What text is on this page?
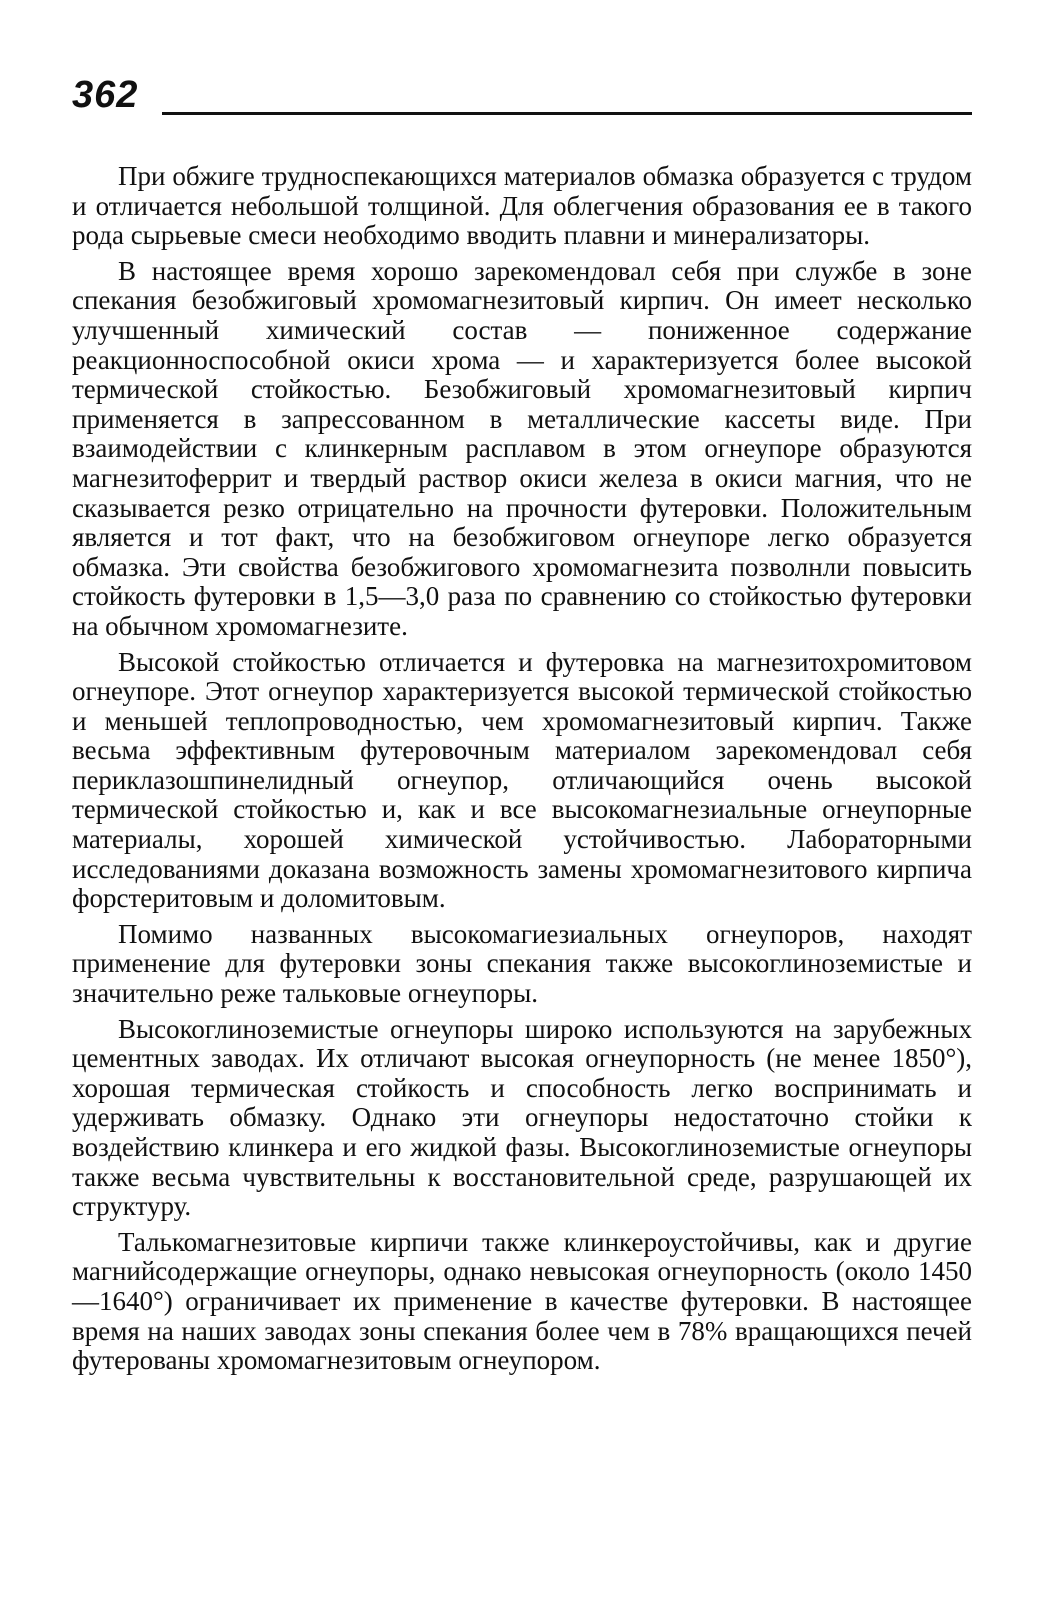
362

При обжиге трудноспекающихся материалов обмазка образуется с трудом и отличается небольшой толщиной. Для облегчения образования ее в такого рода сырьевые смеси необходимо вводить плавни и минерализаторы.

В настоящее время хорошо зарекомендовал себя при службе в зоне спекания безобжиговый хромомагнезитовый кирпич. Он имеет несколько улучшенный химический состав — пониженное содержание реакционноспособной окиси хрома — и характеризуется более высокой термической стойкостью. Безобжиговый хромомагнезитовый кирпич применяется в запрессованном в металлические кассеты виде. При взаимодействии с клинкерным расплавом в этом огнеупоре образуются магнезитоферрит и твердый раствор окиси железа в окиси магния, что не сказывается резко отрицательно на прочности футеровки. Положительным является и тот факт, что на безобжиговом огнеупоре легко образуется обмазка. Эти свойства безобжигового хромомагнезита позволнли повысить стойкость футеровки в 1,5—3,0 раза по сравнению со стойкостью футеровки на обычном хромомагнезите.

Высокой стойкостью отличается и футеровка на магнезитохромитовом огнеупоре. Этот огнеупор характеризуется высокой термической стойкостью и меньшей теплопроводностью, чем хромомагнезитовый кирпич. Также весьма эффективным футеровочным материалом зарекомендовал себя периклазошпинелидный огнеупор, отличающийся очень высокой термической стойкостью и, как и все высокомагнезиальные огнеупорные материалы, хорошей химической устойчивостью. Лабораторными исследованиями доказана возможность замены хромомагнезитового кирпича форстеритовым и доломитовым.

Помимо названных высокомагиезиальных огнеупоров, находят применение для футеровки зоны спекания также высокоглиноземистые и значительно реже тальковые огнеупоры.

Высокоглиноземистые огнеупоры широко используются на зарубежных цементных заводах. Их отличают высокая огнеупорность (не менее 1850°), хорошая термическая стойкость и способность легко воспринимать и удерживать обмазку. Однако эти огнеупоры недостаточно стойки к воздействию клинкера и его жидкой фазы. Высокоглиноземистые огнеупоры также весьма чувствительны к восстановительной среде, разрушающей их структуру.

Талькомагнезитовые кирпичи также клинкероустойчивы, как и другие магнийсодержащие огнеупоры, однако невысокая огнеупорность (около 1450—1640°) ограничивает их применение в качестве футеровки. В настоящее время на наших заводах зоны спекания более чем в 78% вращающихся печей футерованы хромомагнезитовым огнеупором.
